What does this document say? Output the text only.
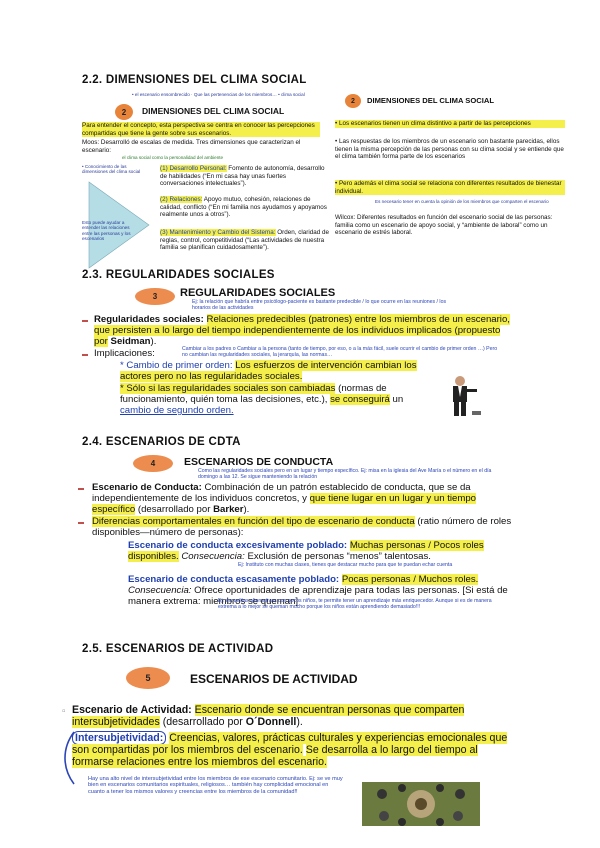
2.2. DIMENSIONES DEL CLIMA SOCIAL
• el escenario ensombrecido · Que las pertenencias de los miembros… • clima social
2	DIMENSIONES DEL CLIMA SOCIAL
Para entender el concepto, esta perspectiva se centra en conocer las percepciones compartidas que tiene la gente sobre sus escenarios.
Moos: Desarrolló de escalas de medida. Tres dimensiones que caracterizan el escenario:
el clima social como la personalidad del ambiente
• Conocimiento de las dimensiones del clima social
Esto puede ayudar a entender las relaciones entre las personas y los escenarios
(1) Desarrollo Personal: Fomento de autonomía, desarrollo de habilidades (“En mi casa hay unas fuertes conversaciones intelectuales”).
(2) Relaciones: Apoyo mutuo, cohesión, relaciones de calidad, conflicto (“En mi familia nos ayudamos y apoyamos realmente unos a otros”).
(3) Mantenimiento y Cambio del Sistema: Orden, claridad de reglas, control, competitividad (“Las actividades de nuestra familia se planifican cuidadosamente”).
2	DIMENSIONES DEL CLIMA SOCIAL
• Los escenarios tienen un clima distintivo a partir de las percepciones
• Las respuestas de los miembros de un escenario son bastante parecidas, ellos tienen la misma percepción de las personas con su clima social y se entiende que el clima también forma parte de los escenarios
• Pero además el clima social se relaciona con diferentes resultados de bienestar individual.
Es necesario tener en cuenta la opinión de los miembros que comparten el escenario
Wilcox: Diferentes resultados en función del escenario social de las personas: familia como un escenario de apoyo social, y “ambiente de laboral” como un escenario de estrés laboral.
2.3. REGULARIDADES SOCIALES
3	REGULARIDADES SOCIALES
Ej: la relación que habría entre psicólogo-paciente es bastante predecible / lo que ocurre en las reuniones / los horarios de las actividades
Regularidades sociales: Relaciones predecibles (patrones) entre los miembros de un escenario, que persisten a lo largo del tiempo independientemente de los individuos implicados (propuesto por Seidman).
Cambiar a los padres o Cambiar a la persona (tanto de tiempo, por eso, o a la más fácil, suele ocurrir el cambio de primer orden …) Pero no cambian las regularidades sociales, la jerarquía, las normas…
Implicaciones:
* Cambio de primer orden: Los esfuerzos de intervención cambian los actores pero no las regularidades sociales.
* Sólo si las regularidades sociales son cambiadas (normas de funcionamiento, quién toma las decisiones, etc.), se conseguirá un cambio de segundo orden.
2.4. ESCENARIOS DE CDTA
4	ESCENARIOS DE CONDUCTA
Como las regularidades sociales pero en un lugar y tiempo específico. Ej: misa en la iglesia del Ave María o el número en el día domingo a las 12. Se sigue manteniendo la relación
Escenario de Conducta: Combinación de un patrón establecido de conducta, que se da independientemente de los individuos concretos, y que tiene lugar en un lugar y un tiempo específico (desarrollado por Barker).
Diferencias comportamentales en función del tipo de escenario de conducta (ratio número de roles disponibles—número de personas):
Escenario de conducta excesivamente poblado: Muchas personas / Pocos roles disponibles. Consecuencia: Exclusión de personas “menos” talentosas.
Ej: Instituto con muchas clases, tienes que destacar mucho para que te puedan echar cuenta
Escenario de conducta escasamente poblado: Pocas personas / Muchos roles. Consecuencia: Ofrece oportunidades de aprendizaje para todas las personas. [Si está de manera extrema: miembros se queman]
Ej: escuelitas alternativas con pocos niños, te permite tener un aprendizaje más enriquecedor. Aunque si es de manera extrema a lo mejor se queman mucho porque los niños están aprendiendo demasiado!!!
2.5. ESCENARIOS DE ACTIVIDAD
5	ESCENARIOS DE ACTIVIDAD
▫ Escenario de Actividad: Escenario donde se encuentran personas que comparten intersubjetividades (desarrollado por O´Donnell).
Intersubjetividad: Creencias, valores, prácticas culturales y experiencias emocionales que son compartidas por los miembros del escenario. Se desarrolla a lo largo del tiempo al formarse relaciones entre los miembros del escenario.
Hay una alto nivel de intersubjetividad entre los miembros de ese escenario comunitario. Ej: se ve muy bien en escenarios comunitarios espirituales, religiosos… también hay complicidad emocional en cuanto a tener los mismos valores y creencias entre los miembros de la comunidad!!
